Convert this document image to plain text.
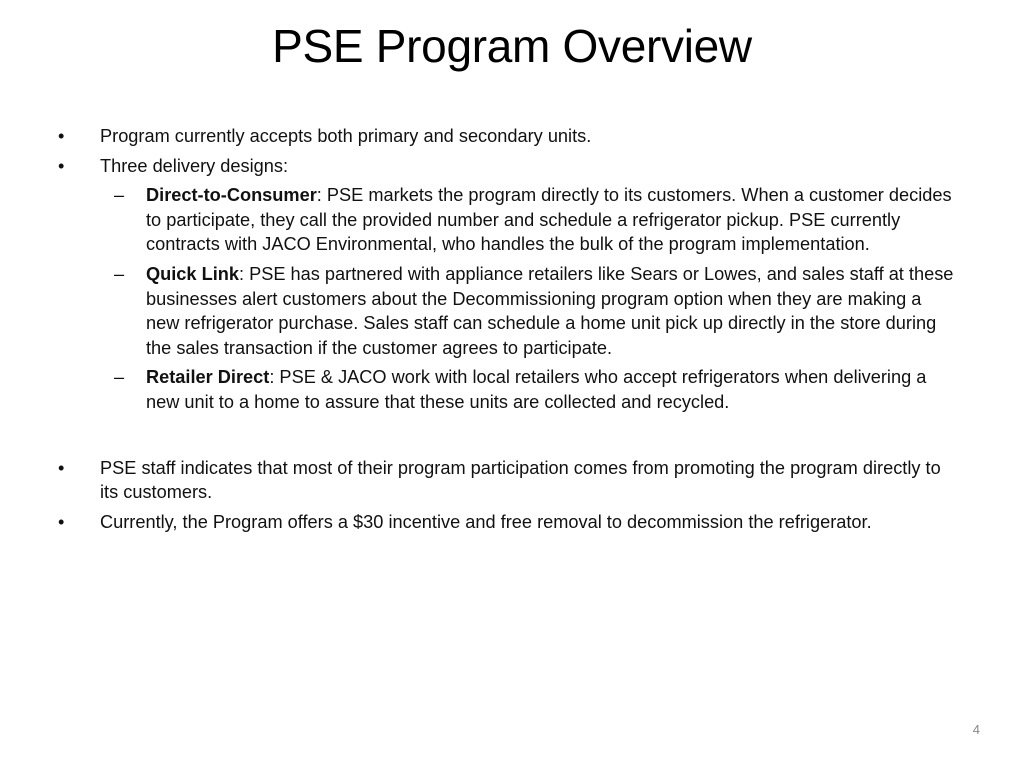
PSE Program Overview
•	Program currently accepts both primary and secondary units.
•	Three delivery designs:
–	Direct-to-Consumer: PSE markets the program directly to its customers. When a customer decides to participate, they call the provided number and schedule a refrigerator pickup. PSE currently contracts with JACO Environmental, who handles the bulk of the program implementation.
–	Quick Link: PSE has partnered with appliance retailers like Sears or Lowes, and sales staff at these businesses alert customers about the Decommissioning program option when they are making a new refrigerator purchase. Sales staff can schedule a home unit pick up directly in the store during the sales transaction if the customer agrees to participate.
–	Retailer Direct: PSE & JACO work with local retailers who accept refrigerators when delivering a new unit to a home to assure that these units are collected and recycled.
•	PSE staff indicates that most of their program participation comes from promoting the program directly to its customers.
•	Currently, the Program offers a $30 incentive and free removal to decommission the refrigerator.
4
